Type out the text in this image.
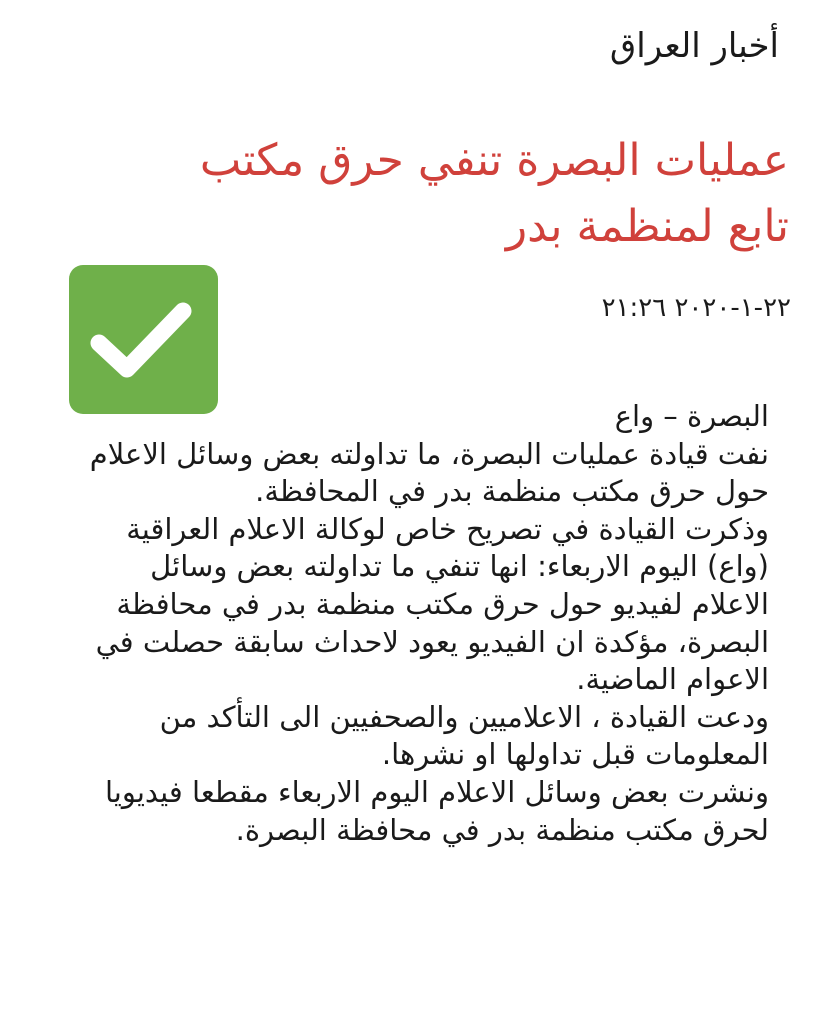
أخبار العراق
عمليات البصرة تنفي حرق مكتب تابع لمنظمة بدر
٢٢-١-٢٠٢٠ ٢١:٢٦

البصرة – واع

نفت قيادة عمليات البصرة، ما تداولته بعض وسائل الاعلام حول حرق مكتب منظمة بدر في المحافظة.

وذكرت القيادة في تصريح خاص لوكالة الاعلام العراقية (واع) اليوم الاربعاء: انها تنفي ما تداولته بعض وسائل الاعلام لفيديو حول حرق مكتب منظمة بدر في محافظة البصرة، مؤكدة ان الفيديو يعود لاحداث سابقة حصلت في الاعوام الماضية.

ودعت القيادة ، الاعلاميين والصحفيين الى التأكد من المعلومات قبل تداولها او نشرها.

ونشرت بعض وسائل الاعلام اليوم الاربعاء مقطعا فيديويا لحرق مكتب منظمة بدر في محافظة البصرة.
